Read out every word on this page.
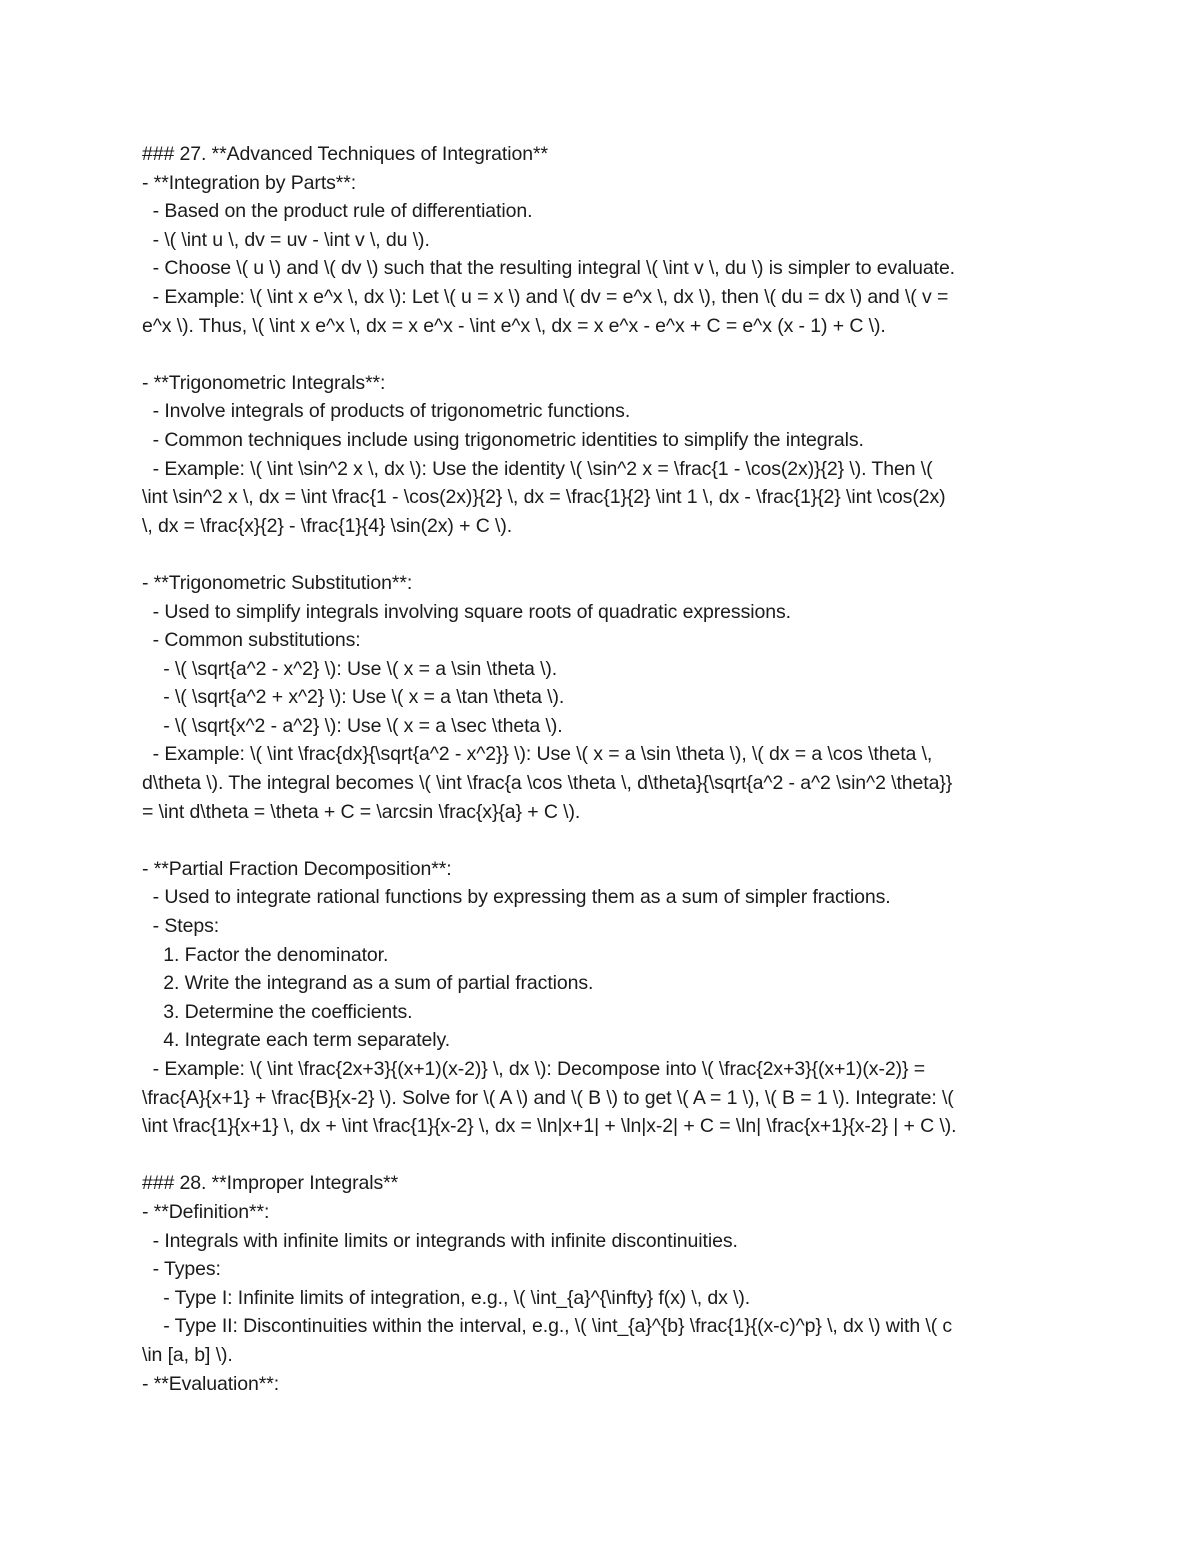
### 27. **Advanced Techniques of Integration**
- **Integration by Parts**:
- Based on the product rule of differentiation.
- \( \int u \, dv = uv - \int v \, du \).
- Choose \( u \) and \( dv \) such that the resulting integral \( \int v \, du \) is simpler to evaluate.
- Example: \( \int x e^x \, dx \): Let \( u = x \) and \( dv = e^x \, dx \), then \( du = dx \) and \( v =
e^x \). Thus, \( \int x e^x \, dx = x e^x - \int e^x \, dx = x e^x - e^x + C = e^x (x - 1) + C \).
- **Trigonometric Integrals**:
- Involve integrals of products of trigonometric functions.
- Common techniques include using trigonometric identities to simplify the integrals.
- Example: \( \int \sin^2 x \, dx \): Use the identity \( \sin^2 x = \frac{1 - \cos(2x)}{2} \). Then \(
\int \sin^2 x \, dx = \int \frac{1 - \cos(2x)}{2} \, dx = \frac{1}{2} \int 1 \, dx - \frac{1}{2} \int \cos(2x)
\, dx = \frac{x}{2} - \frac{1}{4} \sin(2x) + C \).
- **Trigonometric Substitution**:
- Used to simplify integrals involving square roots of quadratic expressions.
- Common substitutions:
- \( \sqrt{a^2 - x^2} \): Use \( x = a \sin \theta \).
- \( \sqrt{a^2 + x^2} \): Use \( x = a \tan \theta \).
- \( \sqrt{x^2 - a^2} \): Use \( x = a \sec \theta \).
- Example: \( \int \frac{dx}{\sqrt{a^2 - x^2}} \): Use \( x = a \sin \theta \), \( dx = a \cos \theta \,
d\theta \). The integral becomes \( \int \frac{a \cos \theta \, d\theta}{\sqrt{a^2 - a^2 \sin^2 \theta}}
= \int d\theta = \theta + C = \arcsin \frac{x}{a} + C \).
- **Partial Fraction Decomposition**:
- Used to integrate rational functions by expressing them as a sum of simpler fractions.
- Steps:
1. Factor the denominator.
2. Write the integrand as a sum of partial fractions.
3. Determine the coefficients.
4. Integrate each term separately.
- Example: \( \int \frac{2x+3}{(x+1)(x-2)} \, dx \): Decompose into \( \frac{2x+3}{(x+1)(x-2)} =
\frac{A}{x+1} + \frac{B}{x-2} \). Solve for \( A \) and \( B \) to get \( A = 1 \), \( B = 1 \). Integrate: \(
\int \frac{1}{x+1} \, dx + \int \frac{1}{x-2} \, dx = \ln|x+1| + \ln|x-2| + C = \ln| \frac{x+1}{x-2} | + C \).
### 28. **Improper Integrals**
- **Definition**:
- Integrals with infinite limits or integrands with infinite discontinuities.
- Types:
- Type I: Infinite limits of integration, e.g., \( \int_{a}^{\infty} f(x) \, dx \).
- Type II: Discontinuities within the interval, e.g., \( \int_{a}^{b} \frac{1}{(x-c)^p} \, dx \) with \( c
\in [a, b] \).
- **Evaluation**:
